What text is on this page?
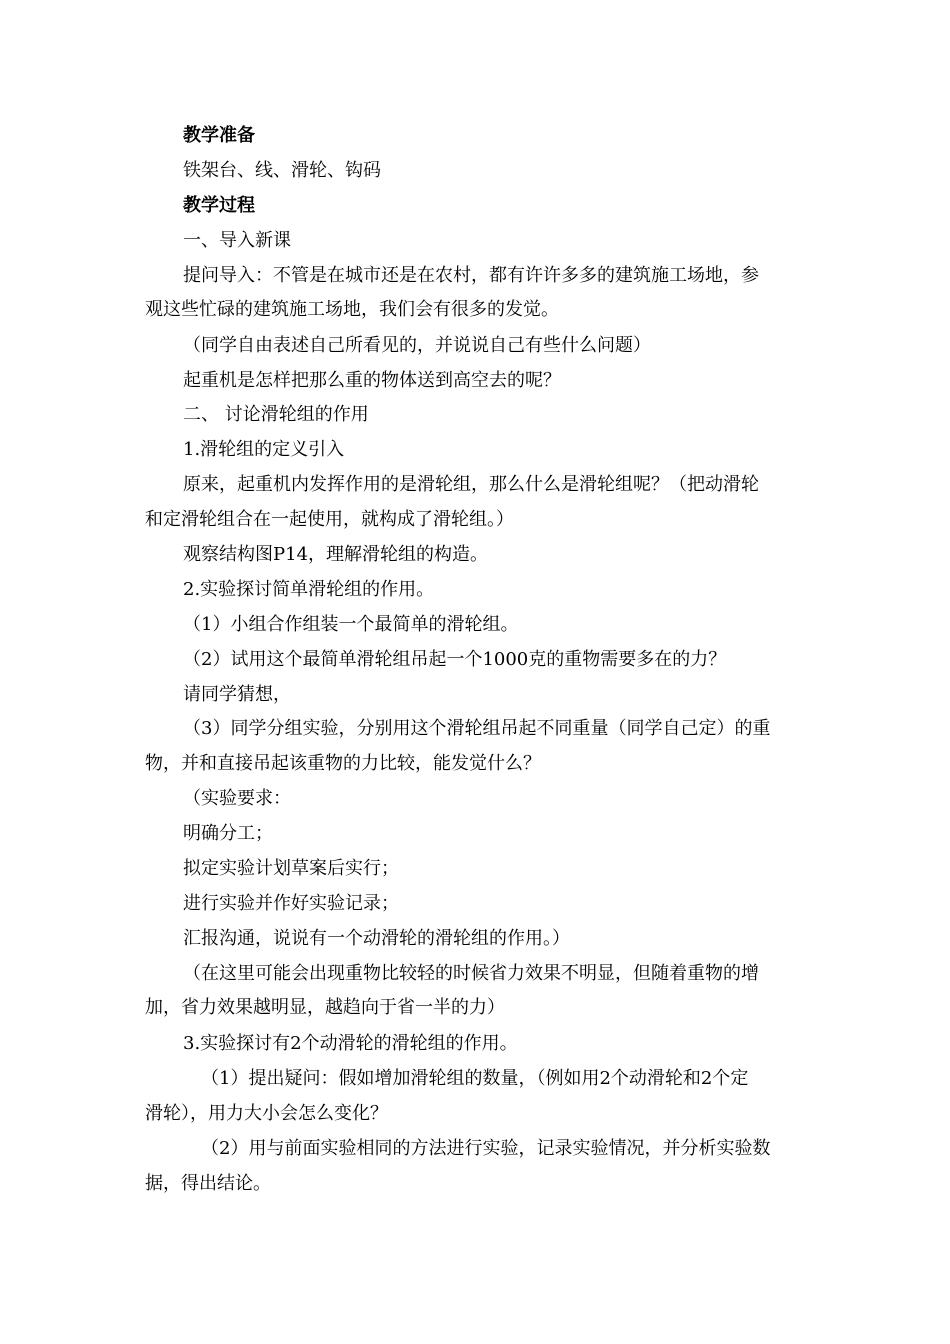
教学准备
铁架台、线、滑轮、钩码
教学过程
一、导入新课
提问导入：不管是在城市还是在农村，都有许许多多的建筑施工场地，参
观这些忙碌的建筑施工场地，我们会有很多的发觉。
（同学自由表述自己所看见的，并说说自己有些什么问题）
起重机是怎样把那么重的物体送到高空去的呢？
二、 讨论滑轮组的作用
1.滑轮组的定义引入
原来，起重机内发挥作用的是滑轮组，那么什么是滑轮组呢？（把动滑轮
和定滑轮组合在一起使用，就构成了滑轮组。）
观察结构图P14，理解滑轮组的构造。
2.实验探讨简单滑轮组的作用。
（1）小组合作组装一个最简单的滑轮组。
（2）试用这个最简单滑轮组吊起一个1000克的重物需要多在的力？
请同学猜想，
（3）同学分组实验，分别用这个滑轮组吊起不同重量（同学自己定）的重
物，并和直接吊起该重物的力比较，能发觉什么？
（实验要求：
明确分工；
拟定实验计划草案后实行；
进行实验并作好实验记录；
汇报沟通，说说有一个动滑轮的滑轮组的作用。）
（在这里可能会出现重物比较轻的时候省力效果不明显，但随着重物的增
加，省力效果越明显，越趋向于省一半的力）
3.实验探讨有2个动滑轮的滑轮组的作用。
（1）提出疑问：假如增加滑轮组的数量，（例如用2个动滑轮和2个定
滑轮），用力大小会怎么变化？
（2）用与前面实验相同的方法进行实验，记录实验情况，并分析实验数
据，得出结论。
